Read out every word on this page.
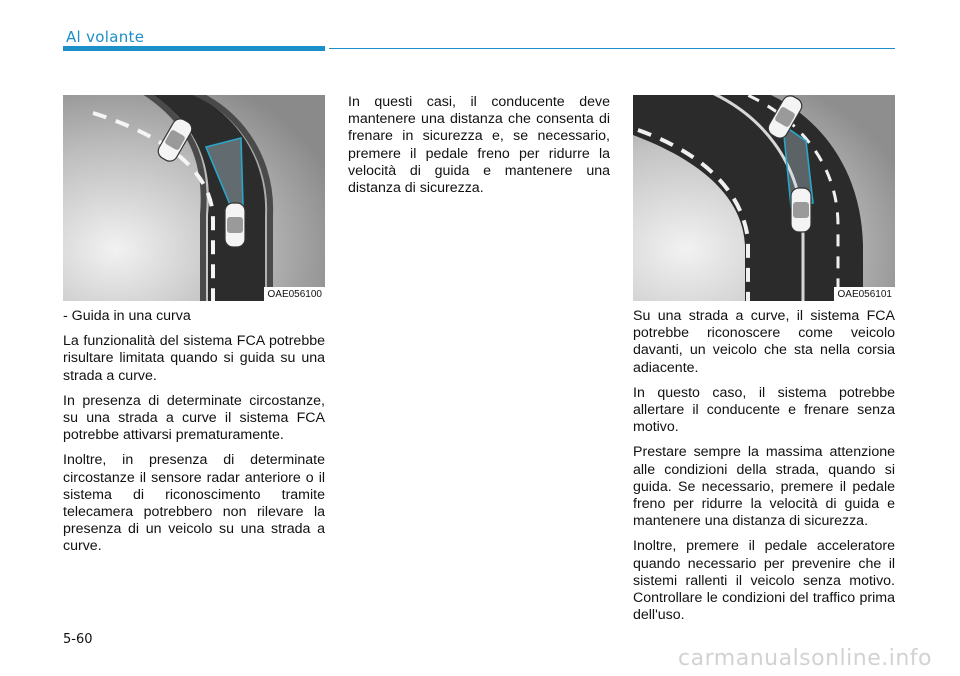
Al volante
OAE056100	OAE056101

- Guida in una curva

La funzionalità del sistema FCA potrebbe risultare limitata quando si guida su una strada a curve.

In presenza di determinate circostanze, su una strada a curve il sistema FCA potrebbe attivarsi prematuramente.

Inoltre, in presenza di determinate circostanze il sensore radar anteriore o il sistema di riconoscimento tramite telecamera potrebbero non rilevare la presenza di un veicolo su una strada a curve.

In questi casi, il conducente deve mantenere una distanza che consenta di frenare in sicurezza e, se necessario, premere il pedale freno per ridurre la velocità di guida e mantenere una distanza di sicurezza.

Su una strada a curve, il sistema FCA potrebbe riconoscere come veicolo davanti, un veicolo che sta nella corsia adiacente.

In questo caso, il sistema potrebbe allertare il conducente e frenare senza motivo.

Prestare sempre la massima attenzione alle condizioni della strada, quando si guida. Se necessario, premere il pedale freno per ridurre la velocità di guida e mantenere una distanza di sicurezza.

Inoltre, premere il pedale acceleratore quando necessario per prevenire che il sistemi rallenti il veicolo senza motivo. Controllare le condizioni del traffico prima dell'uso.

5-60
carmanualsonline.info
